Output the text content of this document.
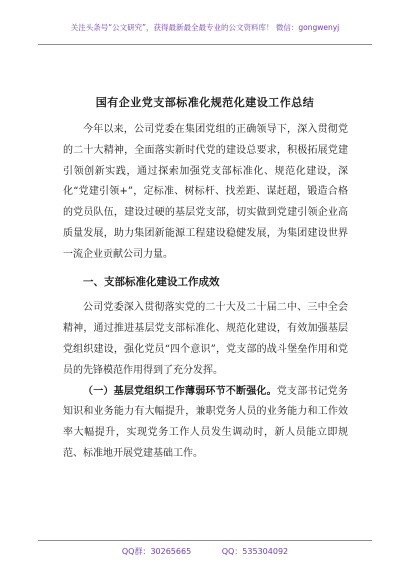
关注头条号“公文研究”，获得最新最全最专业的公文资料库！ 微信：gongwenyj
国有企业党支部标准化规范化建设工作总结

今年以来，公司党委在集团党组的正确领导下，深入贯彻党的二十大精神，全面落实新时代党的建设总要求，积极拓展党建引领创新实践，通过探索加强党支部标准化、规范化建设，深化“党建引领+”，定标准、树标杆、找差距、谋赶超，锻造合格的党员队伍，建设过硬的基层党支部，切实做到党建引领企业高质量发展，助力集团新能源工程建设稳健发展，为集团建设世界一流企业贡献公司力量。

一、支部标准化建设工作成效

公司党委深入贯彻落实党的二十大及二十届二中、三中全会精神，通过推进基层党支部标准化、规范化建设，有效加强基层党组织建设，强化党员“四个意识”，党支部的战斗堡垒作用和党员的先锋模范作用得到了充分发挥。

（一）基层党组织工作薄弱环节不断强化。党支部书记党务知识和业务能力有大幅提升，兼职党务人员的业务能力和工作效率大幅提升，实现党务工作人员发生调动时，新人员能立即规范、标准地开展党建基础工作。

QQ群：30265665	QQ：535304092
